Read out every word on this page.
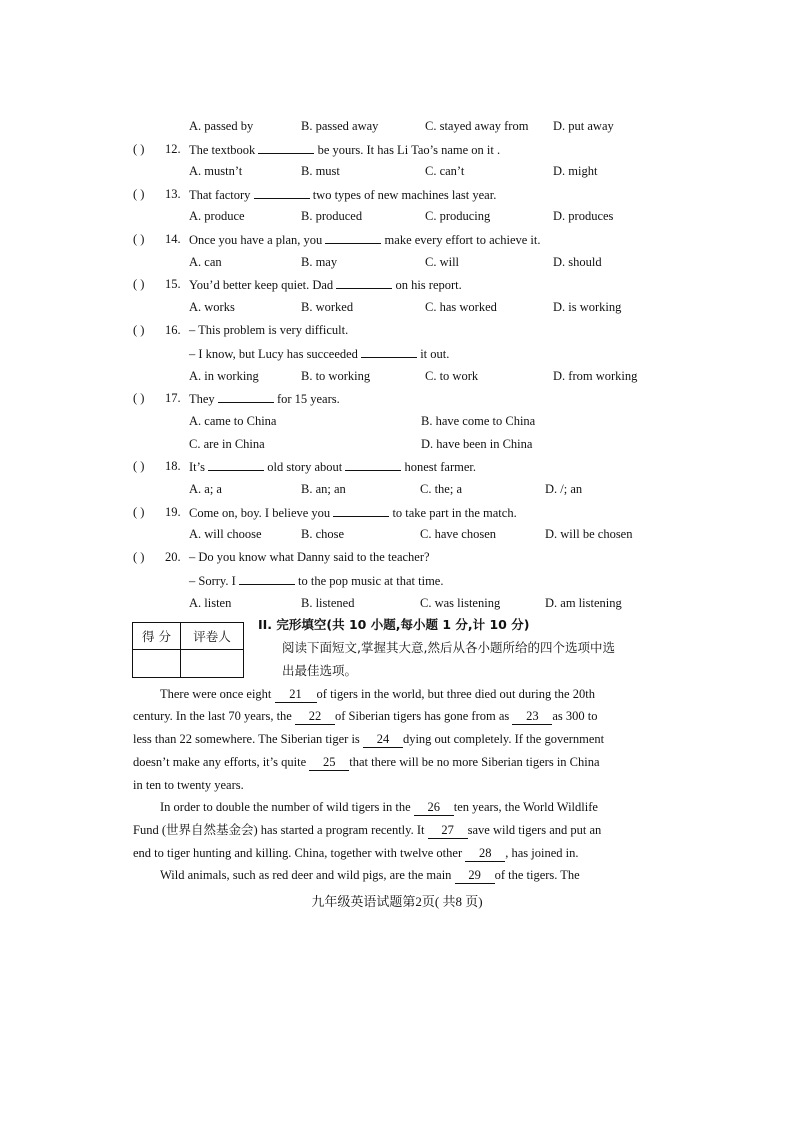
A. passed by	B. passed away	C. stayed away from D. put away
( ) 12. The textbook	be yours. It has Li Tao’s name on it .
A. mustn’t	B. must	C. can’t	D. might
( ) 13. That factory	two types of new machines last year.
A. produce	B. produced	C. producing	D. produces
( ) 14. Once you have a plan, you	make every effort to achieve it.
A. can	B. may	C. will	D. should
( ) 15. You’d better keep quiet. Dad	on his report.
A. works	B. worked	C. has worked	D. is working
( ) 16. – This problem is very difficult.
– I know, but Lucy has succeeded	it out.
A. in working	B. to working	C. to work	D. from working
( ) 17. They	for 15 years.
A. came to China	B. have come to China
C. are in China	D. have been in China
( ) 18. It’s	old story about	honest farmer.
A. a; a	B. an; an	C. the; a	D. /; an
( ) 19. Come on, boy. I believe you	to take part in the match.
A. will choose	B. chose	C. have chosen	D. will be chosen
( ) 20. – Do you know what Danny said to the teacher?
– Sorry. I	to the pop music at that time.
A. listen	B. listened	C. was listening	D. am listening
得 分	评卷人

II. 完形填空(共 10 小题,每小题 1 分,计 10 分)
阅读下面短文,掌握其大意,然后从各小题所给的四个选项中选
出最佳选项。
There were once eight 21 of tigers in the world, but three died out during the 20th
century. In the last 70 years, the 22 of Siberian tigers has gone from as 23 as 300 to
less than 22 somewhere. The Siberian tiger is 24 dying out completely. If the government
doesn’t make any efforts, it’s quite 25 that there will be no more Siberian tigers in China
in ten to twenty years.
In order to double the number of wild tigers in the 26 ten years, the World Wildlife
Fund (世界自然基金会) has started a program recently. It 27 save wild tigers and put an
end to tiger hunting and killing. China, together with twelve other 28 , has joined in.
Wild animals, such as red deer and wild pigs, are the main 29 of the tigers. The
九年级英语试题第2页( 共8 页)
